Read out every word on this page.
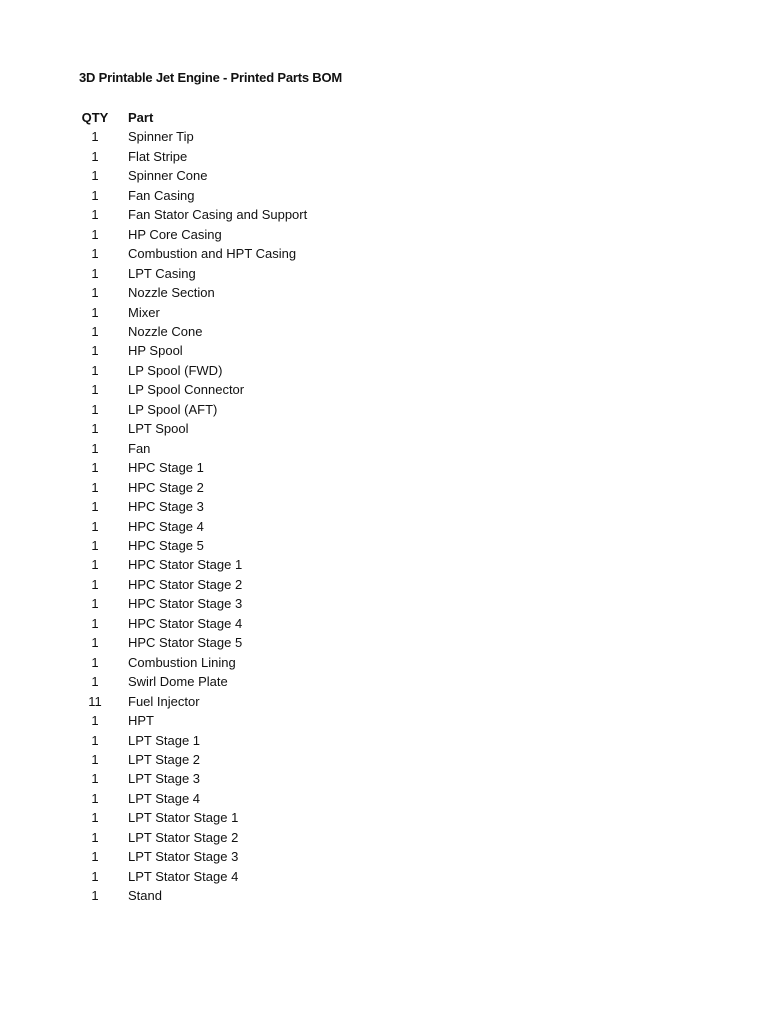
3D Printable Jet Engine - Printed Parts BOM
QTY	Part
1	Spinner Tip
1	Flat Stripe
1	Spinner Cone
1	Fan Casing
1	Fan Stator Casing and Support
1	HP Core Casing
1	Combustion and HPT Casing
1	LPT Casing
1	Nozzle Section
1	Mixer
1	Nozzle Cone
1	HP Spool
1	LP Spool (FWD)
1	LP Spool Connector
1	LP Spool (AFT)
1	LPT Spool
1	Fan
1	HPC Stage 1
1	HPC Stage 2
1	HPC Stage 3
1	HPC Stage 4
1	HPC Stage 5
1	HPC Stator Stage 1
1	HPC Stator Stage 2
1	HPC Stator Stage 3
1	HPC Stator Stage 4
1	HPC Stator Stage 5
1	Combustion Lining
1	Swirl Dome Plate
11	Fuel Injector
1	HPT
1	LPT Stage 1
1	LPT Stage 2
1	LPT Stage 3
1	LPT Stage 4
1	LPT Stator Stage 1
1	LPT Stator Stage 2
1	LPT Stator Stage 3
1	LPT Stator Stage 4
1	Stand
